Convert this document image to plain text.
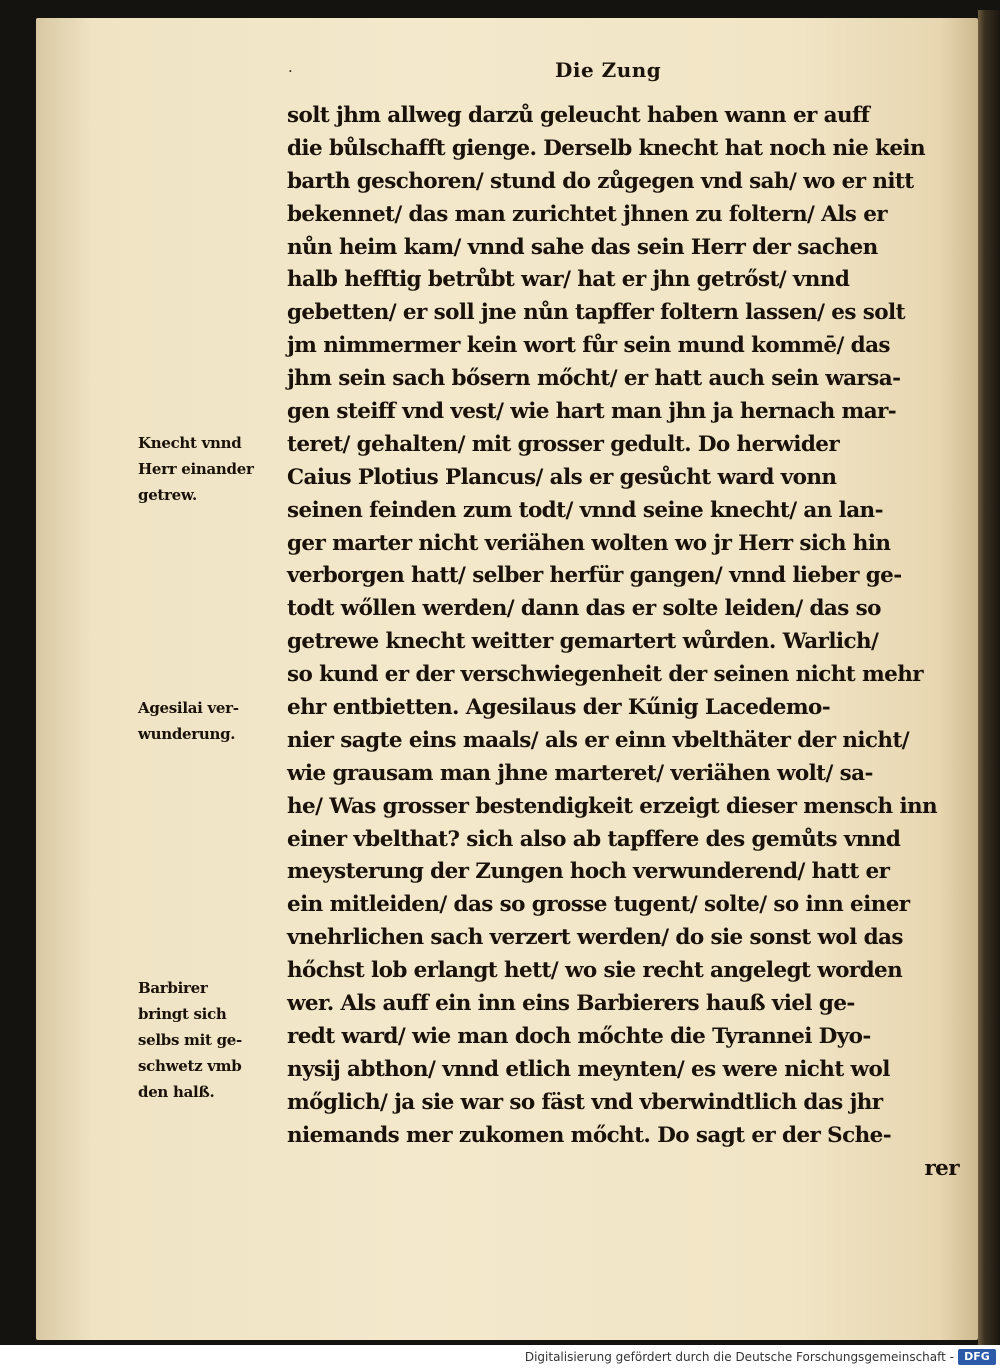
·	Die Zung
solt jhm allweg darzů geleucht haben wann er auff
die bůlschafft gienge. Derselb knecht hat noch nie kein
barth geschoren/ stund do zůgegen vnd sah/ wo er nitt
bekennet/ das man zurichtet jhnen zu foltern/ Als er
nůn heim kam/ vnnd sahe das sein Herr der sachen
halb hefftig betrůbt war/ hat er jhn getrőst/ vnnd
gebetten/ er soll jne nůn tapffer foltern lassen/ es solt
jm nimmermer kein wort fůr sein mund kommē/ das
jhm sein sach bősern mőcht/ er hatt auch sein warsa-
gen steiff vnd vest/ wie hart man jhn ja hernach mar-
teret/ gehalten/ mit grosser gedult. Do herwider
Caius Plotius Plancus/ als er gesůcht ward vonn
seinen feinden zum todt/ vnnd seine knecht/ an lan-
ger marter nicht veriähen wolten wo jr Herr sich hin
verborgen hatt/ selber herfür gangen/ vnnd lieber ge-
todt wőllen werden/ dann das er solte leiden/ das so
getrewe knecht weitter gemartert wůrden. Warlich/
so kund er der verschwiegenheit der seinen nicht mehr
ehr entbietten. Agesilaus der Kűnig Lacedemo-
nier sagte eins maals/ als er einn vbelthäter der nicht/
wie grausam man jhne marteret/ veriähen wolt/ sa-
he/ Was grosser bestendigkeit erzeigt dieser mensch inn
einer vbelthat? sich also ab tapffere des gemůts vnnd
meysterung der Zungen hoch verwunderend/ hatt er
ein mitleiden/ das so grosse tugent/ solte/ so inn einer
vnehrlichen sach verzert werden/ do sie sonst wol das
hőchst lob erlangt hett/ wo sie recht angelegt worden
wer. Als auff ein inn eins Barbierers hauß viel ge-
redt ward/ wie man doch mőchte die Tyrannei Dyo-
nysij abthon/ vnnd etlich meynten/ es were nicht wol
mőglich/ ja sie war so fäst vnd vberwindtlich das jhr
niemands mer zukomen mőcht. Do sagt er der Sche-
rer
Knecht vnnd
Herr einander
getrew.
Agesilai ver-
wunderung.
Barbirer
bringt sich
selbs mit ge-
schwetz vmb
den halß.
Digitalisierung gefördert durch die Deutsche Forschungsgemeinschaft - DFG
